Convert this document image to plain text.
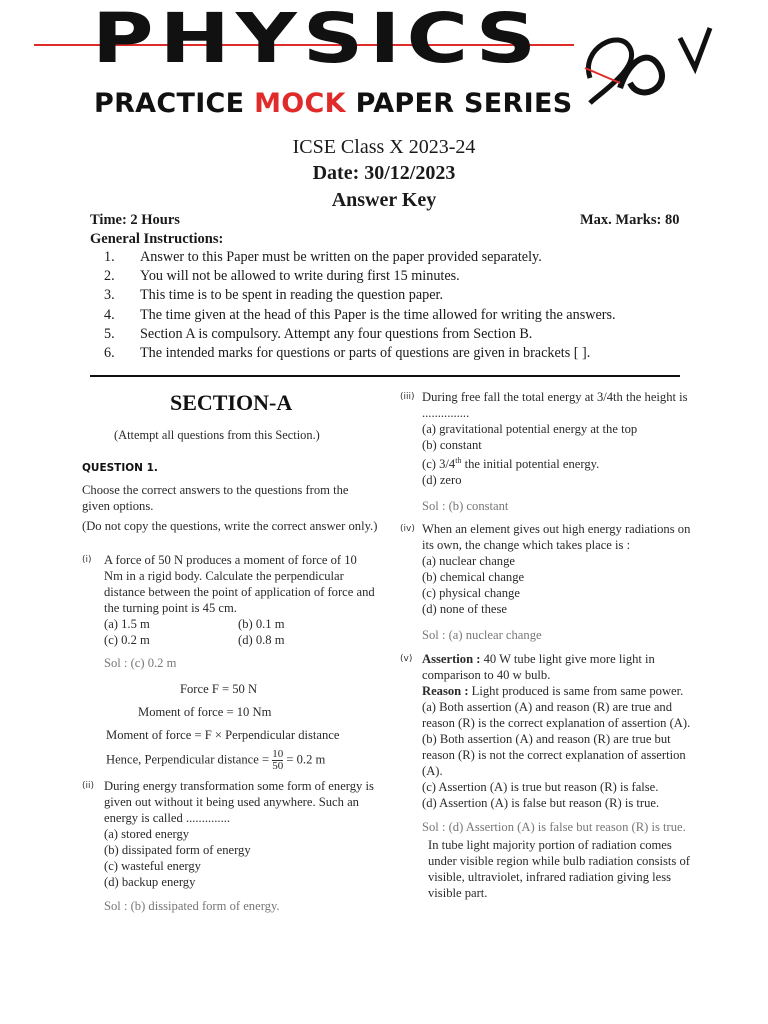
PHYSICS
PRACTICE MOCK PAPER SERIES
ICSE Class X 2023-24
Date: 30/12/2023
Answer Key
Time: 2 Hours	Max. Marks: 80
General Instructions:
1.	Answer to this Paper must be written on the paper provided separately.
2.	You will not be allowed to write during first 15 minutes.
3.	This time is to be spent in reading the question paper.
4.	The time given at the head of this Paper is the time allowed for writing the answers.
5.	Section A is compulsory. Attempt any four questions from Section B.
6.	The intended marks for questions or parts of questions are given in brackets [ ].
SECTION-A
(Attempt all questions from this Section.)
QUESTION 1.
Choose the correct answers to the questions from the given options.
(Do not copy the questions, write the correct answer only.)
(i) A force of 50 N produces a moment of force of 10 Nm in a rigid body. Calculate the perpendicular distance between the point of application of force and the turning point is 45 cm.
(a) 1.5 m	(b) 0.1 m
(c) 0.2 m	(d) 0.8 m
Sol : (c) 0.2 m
Force F = 50 N
Moment of force = 10 Nm
Moment of force = F × Perpendicular distance
Hence, Perpendicular distance = $\frac{10}{50} = 0.2$ m
(ii) During energy transformation some form of energy is given out without it being used anywhere. Such an energy is called ..............
(a) stored energy
(b) dissipated form of energy
(c) wasteful energy
(d) backup energy
Sol : (b) dissipated form of energy.
(iii) During free fall the total energy at 3/4th the height is ...............
(a) gravitational potential energy at the top
(b) constant
(c) 3/4th the initial potential energy.
(d) zero
Sol : (b) constant
(iv) When an element gives out high energy radiations on its own, the change which takes place is :
(a) nuclear change
(b) chemical change
(c) physical change
(d) none of these
Sol : (a) nuclear change
(v) Assertion : 40 W tube light give more light in comparison to 40 w bulb.
Reason : Light produced is same from same power.
(a) Both assertion (A) and reason (R) are true and reason (R) is the correct explanation of assertion (A).
(b) Both assertion (A) and reason (R) are true but reason (R) is not the correct explanation of assertion (A).
(c) Assertion (A) is true but reason (R) is false.
(d) Assertion (A) is false but reason (R) is true.
Sol : (d) Assertion (A) is false but reason (R) is true.
In tube light majority portion of radiation comes under visible region while bulb radiation consists of visible, ultraviolet, infrared radiation giving less visible part.
